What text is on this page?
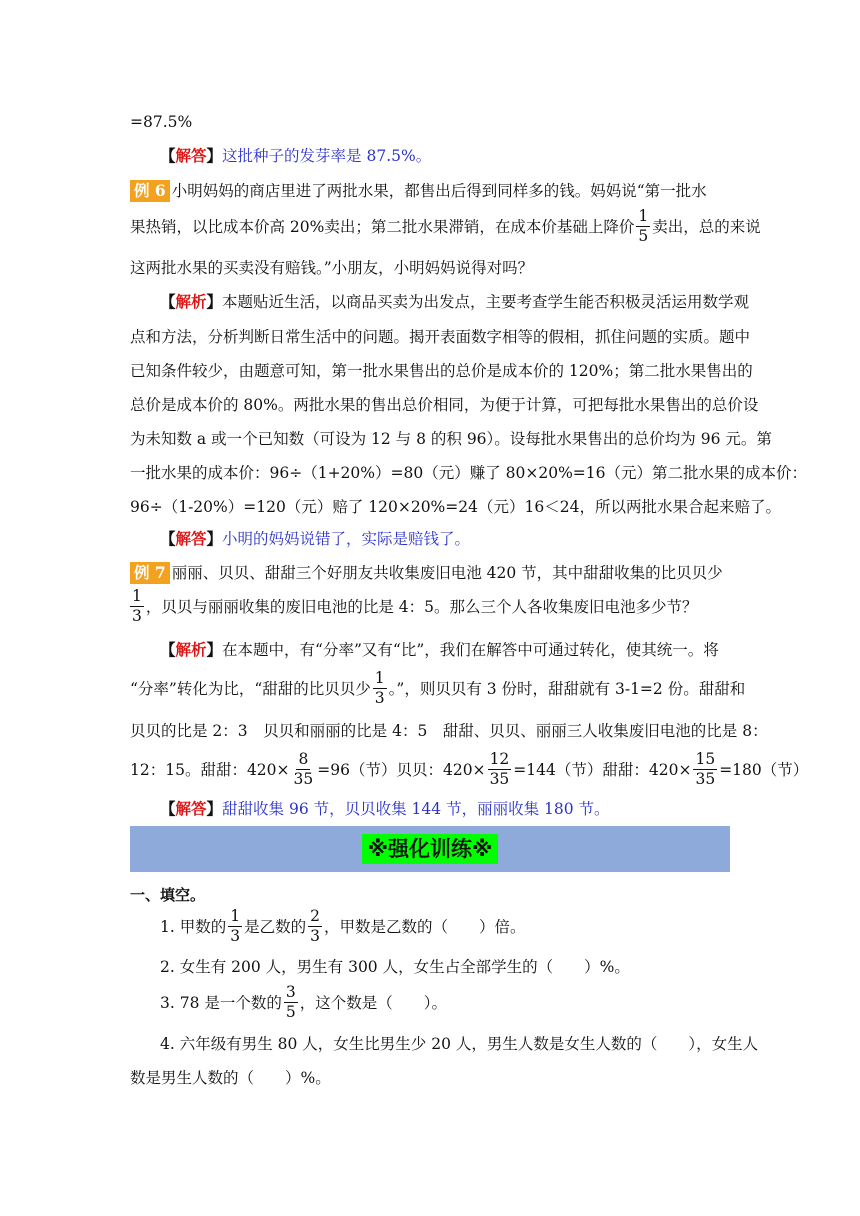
=87.5%
【解答】这批种子的发芽率是 87.5%。
例 6 小明妈妈的商店里进了两批水果，都售出后得到同样多的钱。妈妈说“第一批水
果热销，以比成本价高 20%卖出；第二批水果滞销，在成本价基础上降价 $\frac{1}{5}$ 卖出，总的来说
这两批水果的买卖没有赔钱。”小朋友，小明妈妈说得对吗？
【解析】本题贴近生活，以商品买卖为出发点，主要考查学生能否积极灵活运用数学观
点和方法，分析判断日常生活中的问题。揭开表面数字相等的假相，抓住问题的实质。题中
已知条件较少，由题意可知，第一批水果售出的总价是成本价的 120%；第二批水果售出的
总价是成本价的 80%。两批水果的售出总价相同，为便于计算，可把每批水果售出的总价设
为未知数 a 或一个已知数（可设为 12 与 8 的积 96）。设每批水果售出的总价均为 96 元。第
一批水果的成本价：96÷（1+20%）=80（元）赚了 80×20%=16（元）第二批水果的成本价：
96÷（1-20%）=120（元）赔了 120×20%=24（元）16＜24，所以两批水果合起来赔了。
【解答】小明的妈妈说错了，实际是赔钱了。
例 7 丽丽、贝贝、甜甜三个好朋友共收集废旧电池 420 节，其中甜甜收集的比贝贝少
$\frac{1}{3}$ ，贝贝与丽丽收集的废旧电池的比是 4：5。那么三个人各收集废旧电池多少节？
【解析】在本题中，有“分率”又有“比”，我们在解答中可通过转化，使其统一。将
“分率”转化为比，“甜甜的比贝贝少 $\frac{1}{3}$ 。”，则贝贝有 3 份时，甜甜就有 3-1=2 份。甜甜和
贝贝的比是 2：3　贝贝和丽丽的比是 4：5　甜甜、贝贝、丽丽三人收集废旧电池的比是 8：
12：15。甜甜：$420\times \frac{8}{35} =96$（节）贝贝：$420\times \frac{12}{35} =144$（节）甜甜：$420\times \frac{15}{35} =180$（节）
【解答】甜甜收集 96 节，贝贝收集 144 节，丽丽收集 180 节。
※强化训练※
一、填空。
1. 甲数的 $\frac{1}{3}$ 是乙数的 $\frac{2}{3}$ ，甲数是乙数的（　　）倍。
2. 女生有 200 人，男生有 300 人，女生占全部学生的（　　）%。
3. 78 是一个数的 $\frac{3}{5}$ ，这个数是（　　）。
4. 六年级有男生 80 人，女生比男生少 20 人，男生人数是女生人数的（　　），女生人
数是男生人数的（　　）%。
